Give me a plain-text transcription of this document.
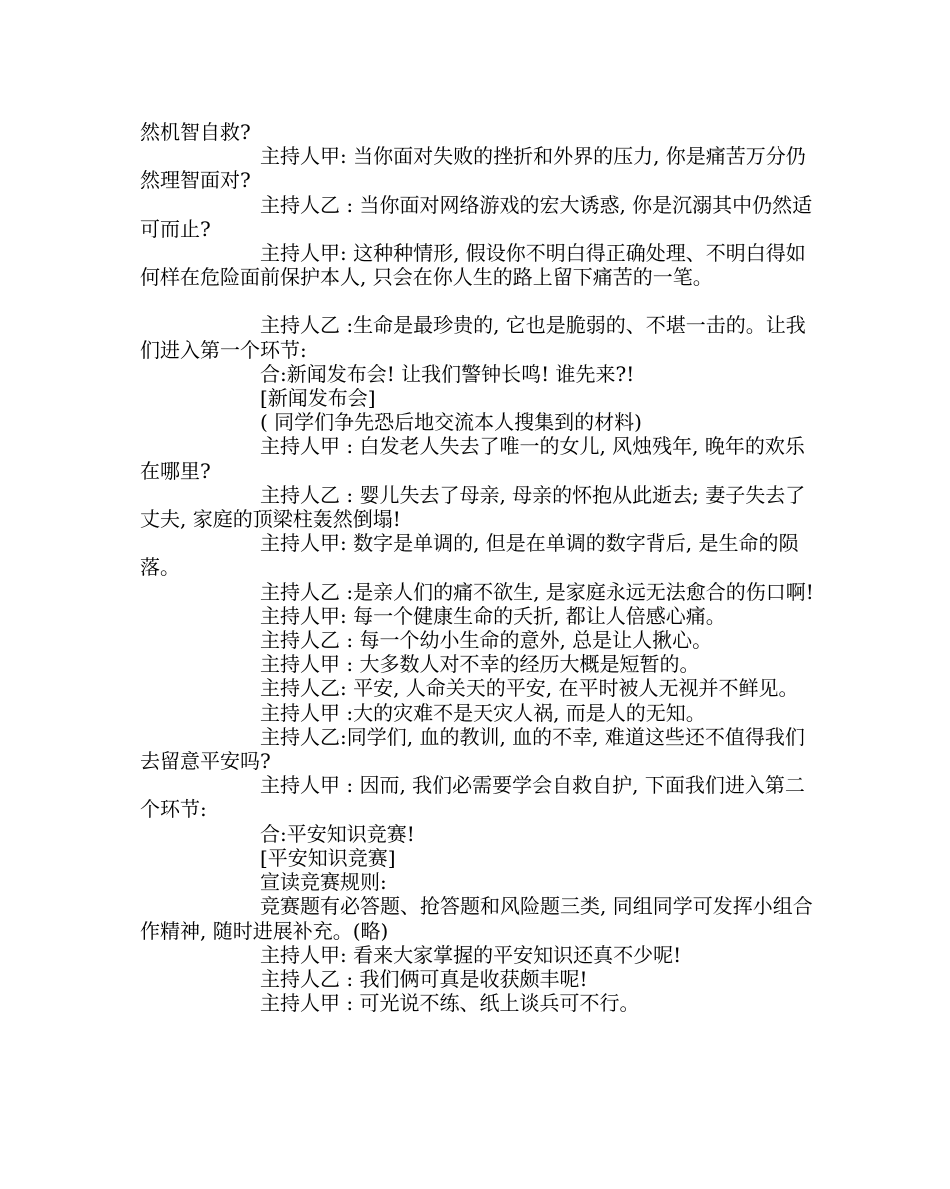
然机智自救?

主持人甲: 当你面对失败的挫折和外界的压力, 你是痛苦万分仍然理智面对?

主持人乙 : 当你面对网络游戏的宏大诱惑, 你是沉溺其中仍然适可而止?

主持人甲: 这种种情形, 假设你不明白得正确处理、不明白得如何样在危险面前保护本人, 只会在你人生的路上留下痛苦的一笔。

主持人乙 :生命是最珍贵的, 它也是脆弱的、不堪一击的。让我们进入第一个环节:

合:新闻发布会! 让我们警钟长鸣! 谁先来?!

[新闻发布会]

( 同学们争先恐后地交流本人搜集到的材料)

主持人甲 : 白发老人失去了唯一的女儿, 风烛残年, 晚年的欢乐在哪里?

主持人乙 : 婴儿失去了母亲, 母亲的怀抱从此逝去; 妻子失去了丈夫, 家庭的顶梁柱轰然倒塌!

主持人甲: 数字是单调的, 但是在单调的数字背后, 是生命的陨落。

主持人乙 :是亲人们的痛不欲生, 是家庭永远无法愈合的伤口啊!

主持人甲: 每一个健康生命的夭折, 都让人倍感心痛。

主持人乙 : 每一个幼小生命的意外, 总是让人揪心。

主持人甲 : 大多数人对不幸的经历大概是短暂的。

主持人乙: 平安, 人命关天的平安, 在平时被人无视并不鲜见。

主持人甲 :大的灾难不是天灾人祸, 而是人的无知。

主持人乙:同学们, 血的教训, 血的不幸, 难道这些还不值得我们去留意平安吗?

主持人甲 : 因而, 我们必需要学会自救自护, 下面我们进入第二个环节:

合:平安知识竞赛!

[平安知识竞赛]

宣读竞赛规则:

竞赛题有必答题、抢答题和风险题三类, 同组同学可发挥小组合作精神, 随时进展补充。(略)

主持人甲: 看来大家掌握的平安知识还真不少呢!

主持人乙 : 我们俩可真是收获颇丰呢!

主持人甲 : 可光说不练、纸上谈兵可不行。
